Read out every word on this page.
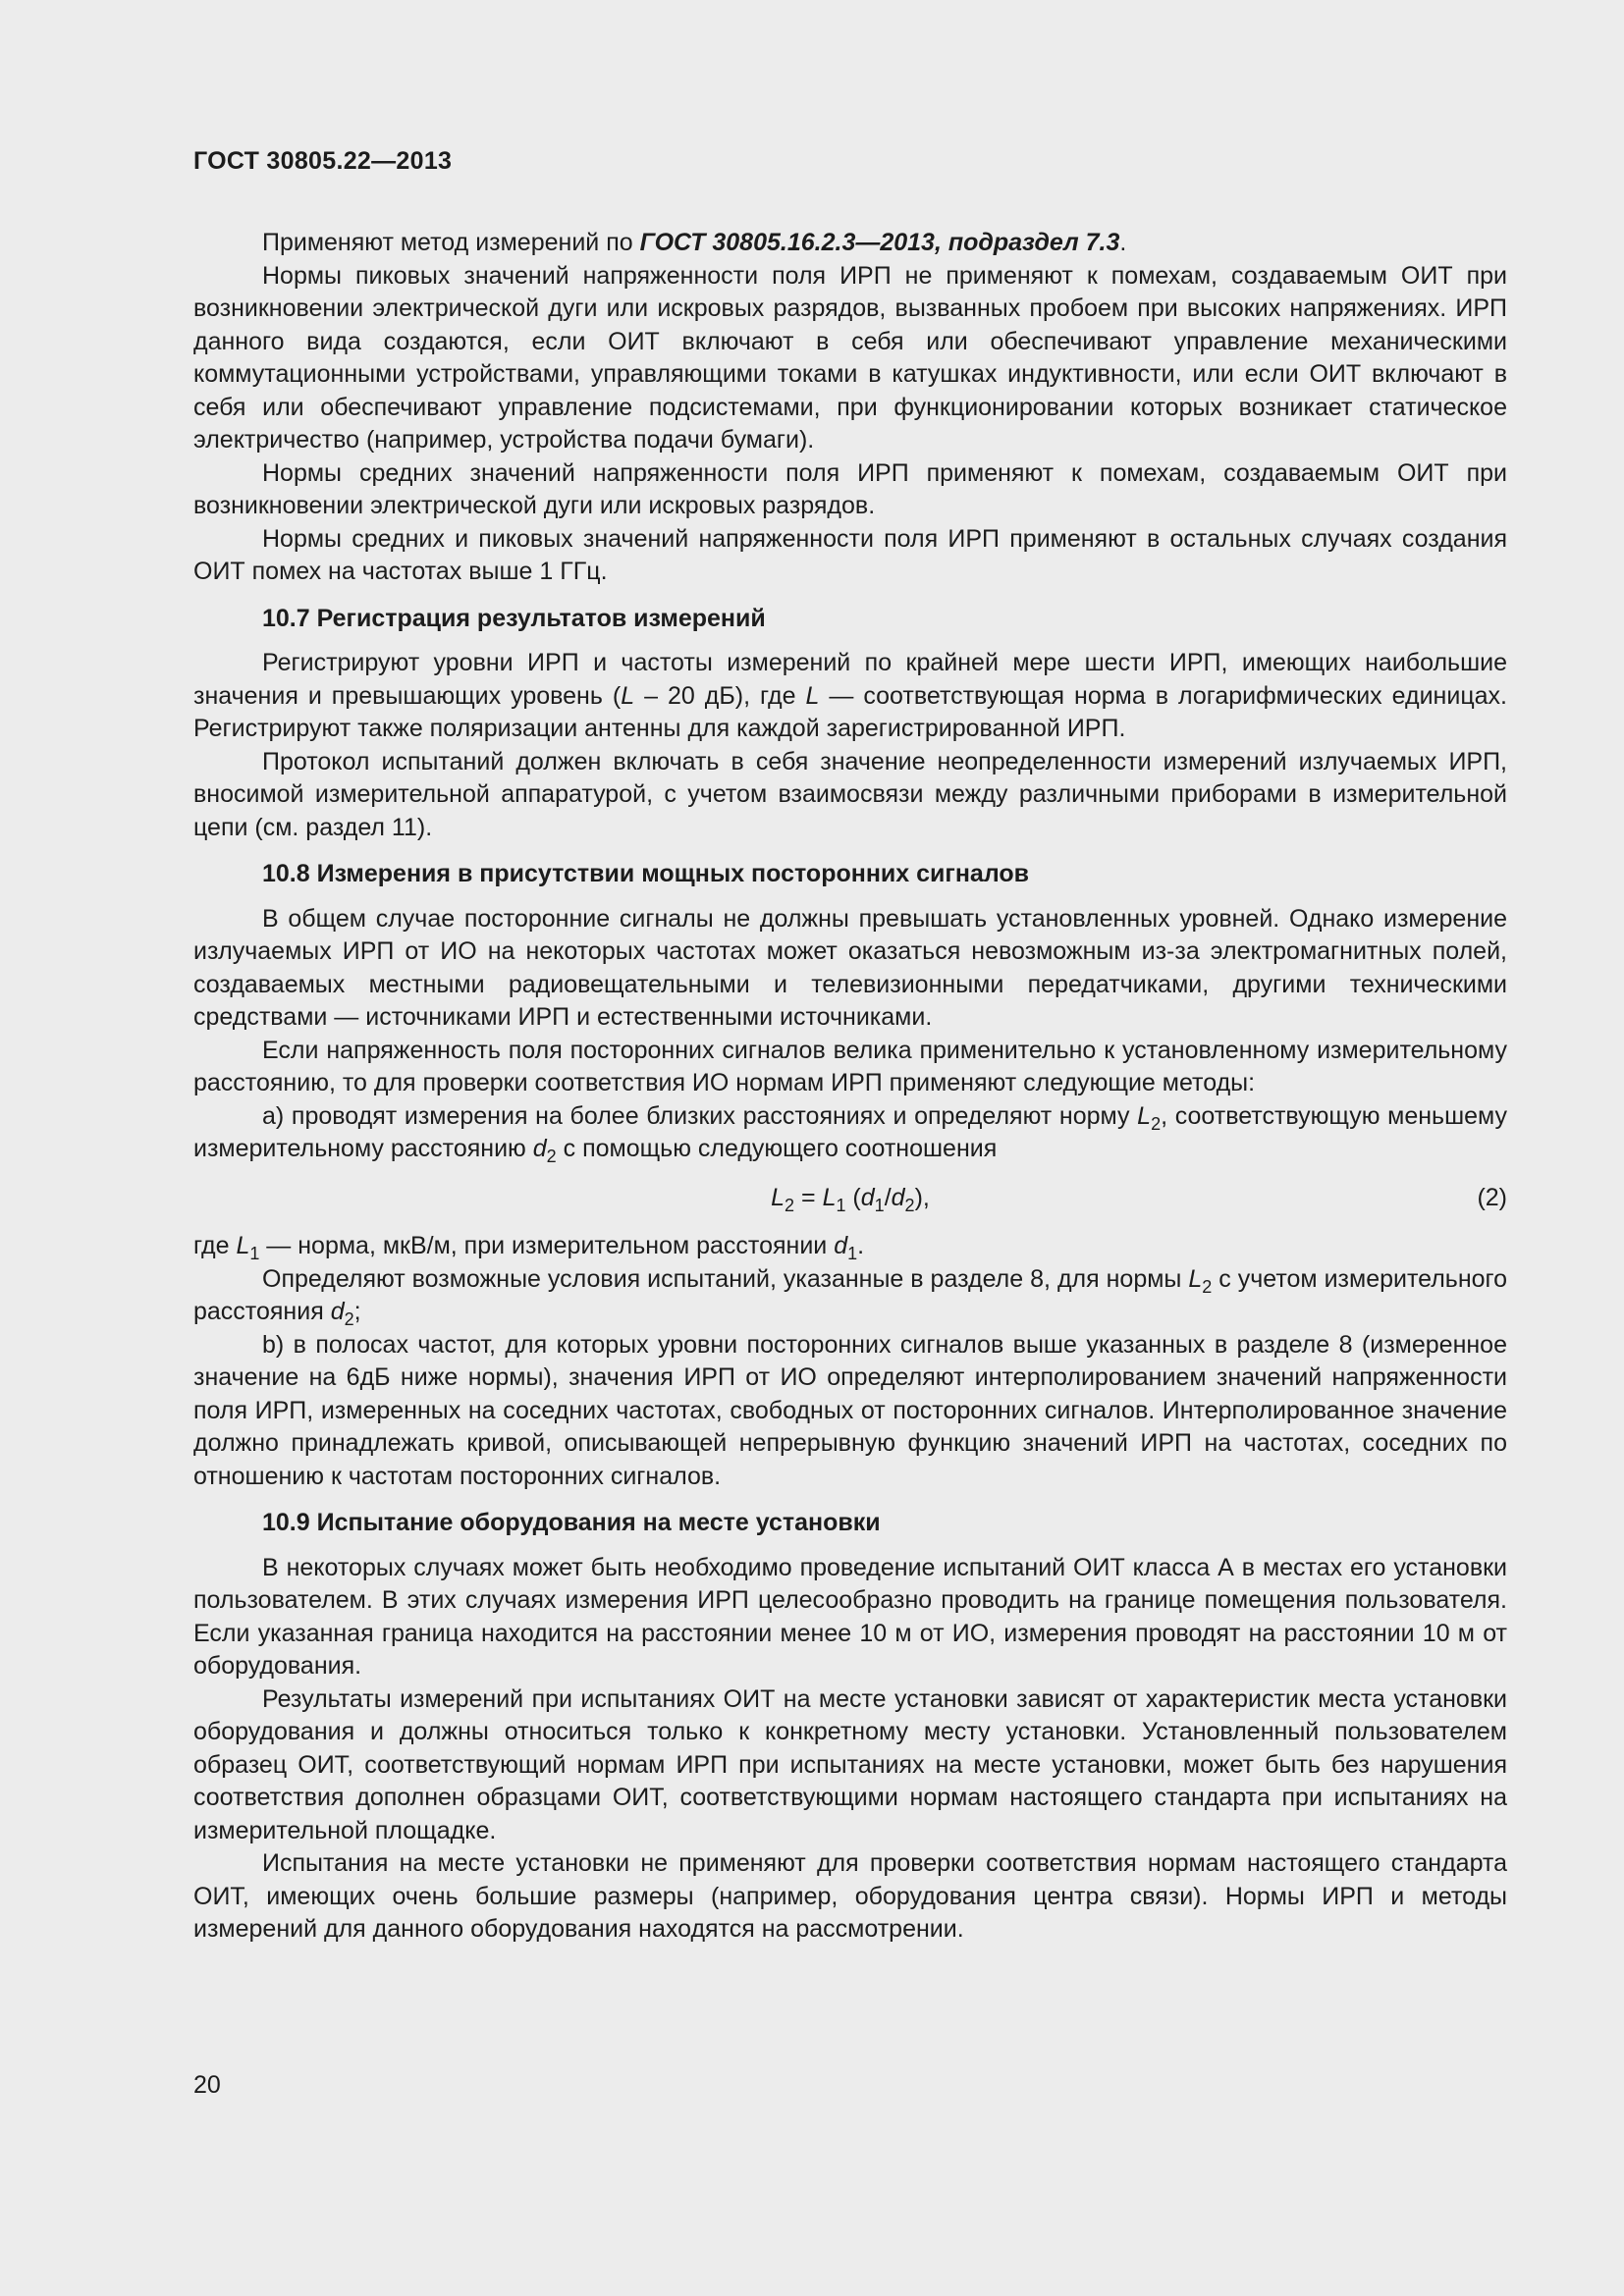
ГОСТ 30805.22—2013

Применяют метод измерений по ГОСТ 30805.16.2.3—2013, подраздел 7.3.

Нормы пиковых значений напряженности поля ИРП не применяют к помехам, создаваемым ОИТ при возникновении электрической дуги или искровых разрядов, вызванных пробоем при высоких напряжениях. ИРП данного вида создаются, если ОИТ включают в себя или обеспечивают управление механическими коммутационными устройствами, управляющими токами в катушках индуктивности, или если ОИТ включают в себя или обеспечивают управление подсистемами, при функционировании которых возникает статическое электричество (например, устройства подачи бумаги).

Нормы средних значений напряженности поля ИРП применяют к помехам, создаваемым ОИТ при возникновении электрической дуги или искровых разрядов.

Нормы средних и пиковых значений напряженности поля ИРП применяют в остальных случаях создания ОИТ помех на частотах выше 1 ГГц.

10.7 Регистрация результатов измерений

Регистрируют уровни ИРП и частоты измерений по крайней мере шести ИРП, имеющих наибольшие значения и превышающих уровень (L – 20 дБ), где L — соответствующая норма в логарифмических единицах. Регистрируют также поляризации антенны для каждой зарегистрированной ИРП.

Протокол испытаний должен включать в себя значение неопределенности измерений излучаемых ИРП, вносимой измерительной аппаратурой, с учетом взаимосвязи между различными приборами в измерительной цепи (см. раздел 11).

10.8 Измерения в присутствии мощных посторонних сигналов

В общем случае посторонние сигналы не должны превышать установленных уровней. Однако измерение излучаемых ИРП от ИО на некоторых частотах может оказаться невозможным из-за электромагнитных полей, создаваемых местными радиовещательными и телевизионными передатчиками, другими техническими средствами — источниками ИРП и естественными источниками.

Если напряженность поля посторонних сигналов велика применительно к установленному измерительному расстоянию, то для проверки соответствия ИО нормам ИРП применяют следующие методы:

a) проводят измерения на более близких расстояниях и определяют норму $L_2$, соответствующую меньшему измерительному расстоянию $d_2$ с помощью следующего соотношения

$L_2 = L_1$ $(d_1/d_2)$,	(2)

где $L_1$ — норма, мкВ/м, при измерительном расстоянии $d_1$.

Определяют возможные условия испытаний, указанные в разделе 8, для нормы $L_2$ с учетом измерительного расстояния $d_2$;

b) в полосах частот, для которых уровни посторонних сигналов выше указанных в разделе 8 (измеренное значение на 6дБ ниже нормы), значения ИРП от ИО определяют интерполированием значений напряженности поля ИРП, измеренных на соседних частотах, свободных от посторонних сигналов. Интерполированное значение должно принадлежать кривой, описывающей непрерывную функцию значений ИРП на частотах, соседних по отношению к частотам посторонних сигналов.

10.9 Испытание оборудования на месте установки

В некоторых случаях может быть необходимо проведение испытаний ОИТ класса А в местах его установки пользователем. В этих случаях измерения ИРП целесообразно проводить на границе помещения пользователя. Если указанная граница находится на расстоянии менее 10 м от ИО, измерения проводят на расстоянии 10 м от оборудования.

Результаты измерений при испытаниях ОИТ на месте установки зависят от характеристик места установки оборудования и должны относиться только к конкретному месту установки. Установленный пользователем образец ОИТ, соответствующий нормам ИРП при испытаниях на месте установки, может быть без нарушения соответствия дополнен образцами ОИТ, соответствующими нормам настоящего стандарта при испытаниях на измерительной площадке.

Испытания на месте установки не применяют для проверки соответствия нормам настоящего стандарта ОИТ, имеющих очень большие размеры (например, оборудования центра связи). Нормы ИРП и методы измерений для данного оборудования находятся на рассмотрении.

20
